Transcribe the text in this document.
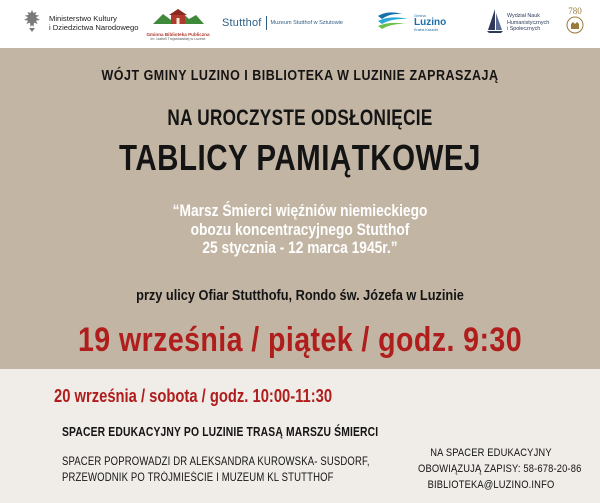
Ministerstwo Kultury
i Dziedzictwa Narodowego
Gminna Biblioteka Publiczna
im. Izabeli Trojanowskiej w Luzinie
Stutthof Muzeum Stutthof w Sztutowie
Gmina
Luzino
Kraina Kaszubi
Wydział Nauk
Humanistycznych
i Społecznych
780
WÓJT GMINY LUZINO I BIBLIOTEKA W LUZINIE ZAPRASZAJĄ
NA UROCZYSTE ODSŁONIĘCIE
TABLICY PAMIĄTKOWEJ
“Marsz Śmierci więźniów niemieckiego
obozu koncentracyjnego Stutthof
25 stycznia - 12 marca 1945r.”
przy ulicy Ofiar Stutthofu, Rondo św. Józefa w Luzinie
19 września / piątek / godz. 9:30
20 września / sobota / godz. 10:00-11:30
SPACER EDUKACYJNY PO LUZINIE TRASĄ MARSZU ŚMIERCI
SPACER POPROWADZI DR ALEKSANDRA KUROWSKA- SUSDORF,
PRZEWODNIK PO TRÓJMIEŚCIE I MUZEUM KL STUTTHOF
NA SPACER EDUKACYJNY
OBOWIĄZUJĄ ZAPISY: 58-678-20-86
BIBLIOTEKA@LUZINO.INFO
